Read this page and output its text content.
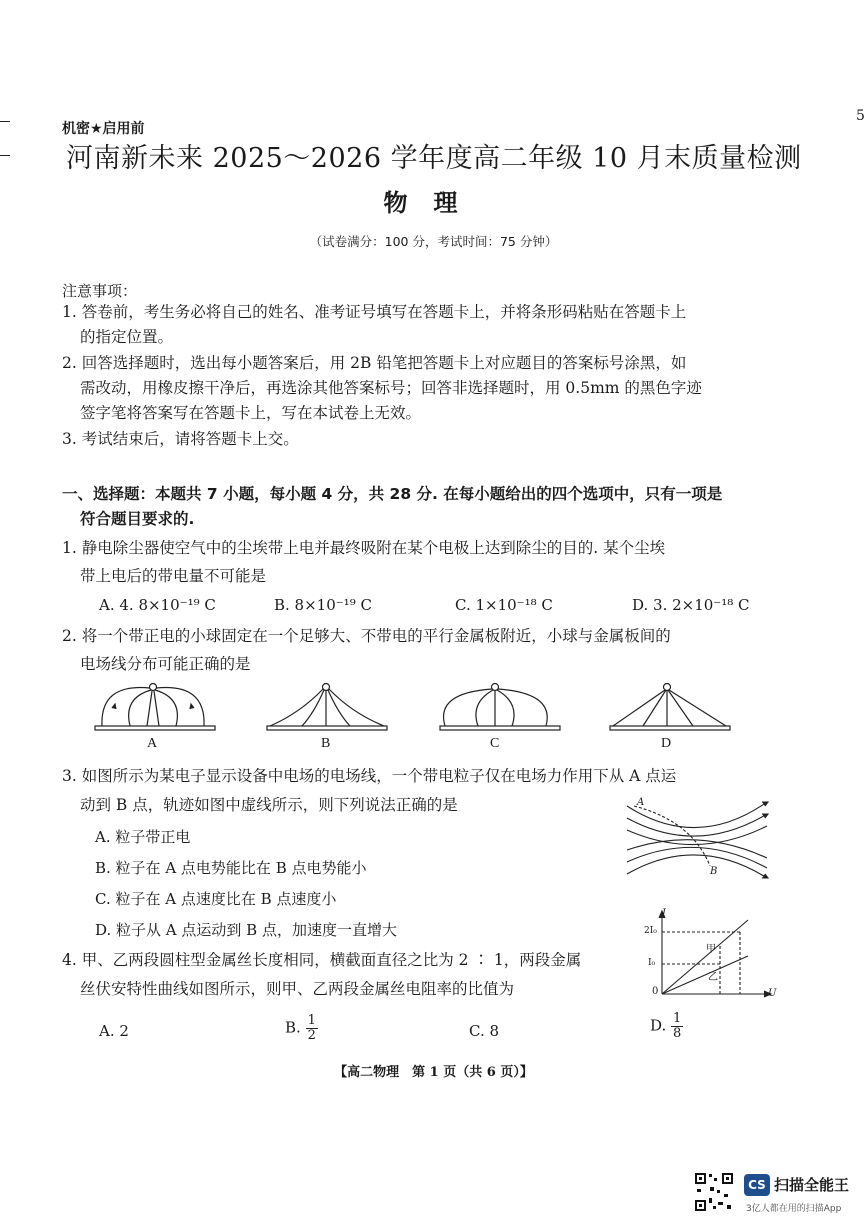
5
机密★启用前
河南新未来 2025～2026 学年度高二年级 10 月末质量检测
物理
（试卷满分：100 分，考试时间：75 分钟）
注意事项：
1. 答卷前，考生务必将自己的姓名、准考证号填写在答题卡上，并将条形码粘贴在答题卡上
的指定位置。
2. 回答选择题时，选出每小题答案后，用 2B 铅笔把答题卡上对应题目的答案标号涂黑，如
需改动，用橡皮擦干净后，再选涂其他答案标号；回答非选择题时，用 0.5mm 的黑色字迹
签字笔将答案写在答题卡上，写在本试卷上无效。
3. 考试结束后，请将答题卡上交。
一、选择题：本题共 7 小题，每小题 4 分，共 28 分. 在每小题给出的四个选项中，只有一项是
符合题目要求的.
1. 静电除尘器使空气中的尘埃带上电并最终吸附在某个电极上达到除尘的目的. 某个尘埃
带上电后的带电量不可能是
A. 4. 8×10⁻¹⁹ C	B. 8×10⁻¹⁹ C	C. 1×10⁻¹⁸ C	D. 3. 2×10⁻¹⁸ C
2. 将一个带正电的小球固定在一个足够大、不带电的平行金属板附近，小球与金属板间的
电场线分布可能正确的是
A	B	C	D
3. 如图所示为某电子显示设备中电场的电场线，一个带电粒子仅在电场力作用下从 A 点运
动到 B 点，轨迹如图中虚线所示，则下列说法正确的是
A. 粒子带正电
B. 粒子在 A 点电势能比在 B 点电势能小
C. 粒子在 A 点速度比在 B 点速度小
D. 粒子从 A 点运动到 B 点，加速度一直增大
A
B
4. 甲、乙两段圆柱型金属丝长度相同，横截面直径之比为 2 ∶ 1，两段金属
丝伏安特性曲线如图所示，则甲、乙两段金属丝电阻率的比值为
A. 2	B. $\frac{1}{2}$	C. 8	D. $\frac{1}{8}$
I
U
0
2I₀
I₀
甲
乙
【高二物理　第 1 页（共 6 页）】
CS 扫描全能王
3亿人都在用的扫描App
